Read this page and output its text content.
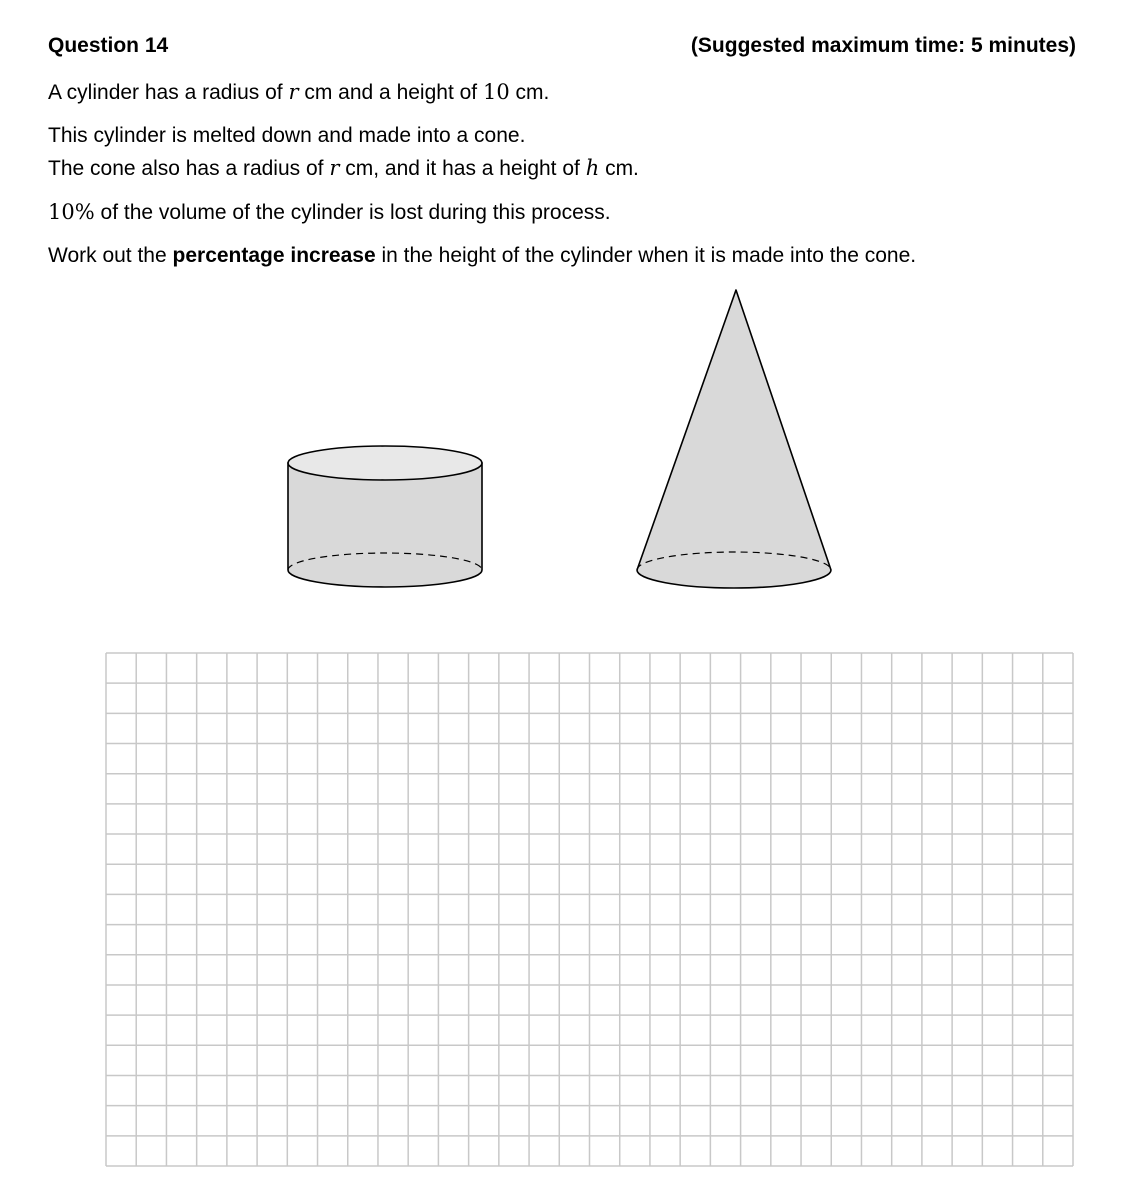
Question 14	(Suggested maximum time: 5 minutes)
A cylinder has a radius of r cm and a height of 10 cm.
This cylinder is melted down and made into a cone.
The cone also has a radius of r cm, and it has a height of h cm.
10% of the volume of the cylinder is lost during this process.
Work out the percentage increase in the height of the cylinder when it is made into the cone.
